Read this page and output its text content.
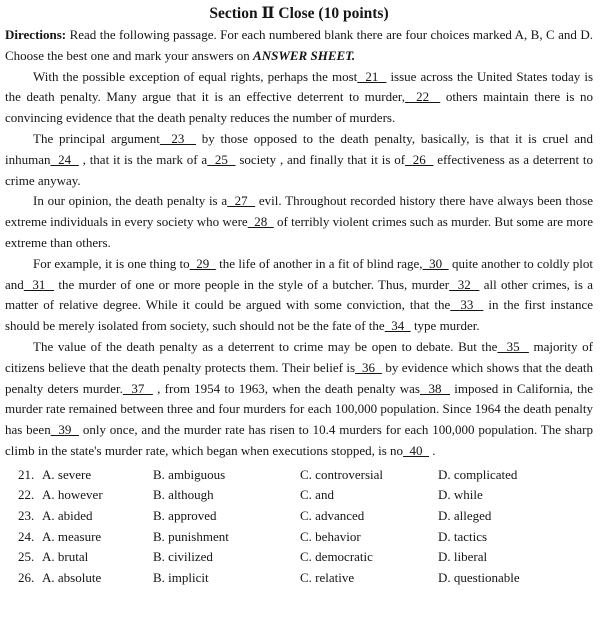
Section Ⅱ Close (10 points)

Directions: Read the following passage. For each numbered blank there are four choices marked A, B, C and D. Choose the best one and mark your answers on ANSWER SHEET.

With the possible exception of equal rights, perhaps the most  21   issue across the United States today is the death penalty. Many argue that it is an effective deterrent to murder,  22   others maintain there is no convincing evidence that the death penalty reduces the number of murders.

The principal argument  23   by those opposed to the death penalty, basically, is that it is cruel and inhuman  24   , that it is the mark of a  25   society , and finally that it is of  26   effectiveness as a deterrent to crime anyway.

In our opinion, the death penalty is a  27   evil. Throughout recorded history there have always been those extreme individuals in every society who were  28   of terribly violent crimes such as murder. But some are more extreme than others.

For example, it is one thing to  29   the life of another in a fit of blind rage,  30   quite another to coldly plot and  31   the murder of one or more people in the style of a butcher. Thus, murder  32   all other crimes, is a matter of relative degree. While it could be argued with some conviction, that the  33   in the first instance should be merely isolated from society, such should not be the fate of the  34   type murder.

The value of the death penalty as a deterrent to crime may be open to debate. But the  35   majority of citizens believe that the death penalty protects them. Their belief is  36   by evidence which shows that the death penalty deters murder.  37   , from 1954 to 1963, when the death penalty was  38   imposed in California, the murder rate remained between three and four murders for each 100,000 population. Since 1964 the death penalty has been  39   only once, and the murder rate has risen to 10.4 murders for each 100,000 population. The sharp climb in the state's murder rate, which began when executions stopped, is no  40   .

21. A. severe	B. ambiguous	C. controversial	D. complicated
22. A. however	B. although	C. and	D. while
23. A. abided	B. approved	C. advanced	D. alleged
24. A. measure	B. punishment	C. behavior	D. tactics
25. A. brutal	B. civilized	C. democratic	D. liberal
26. A. absolute	B. implicit	C. relative	D. questionable
